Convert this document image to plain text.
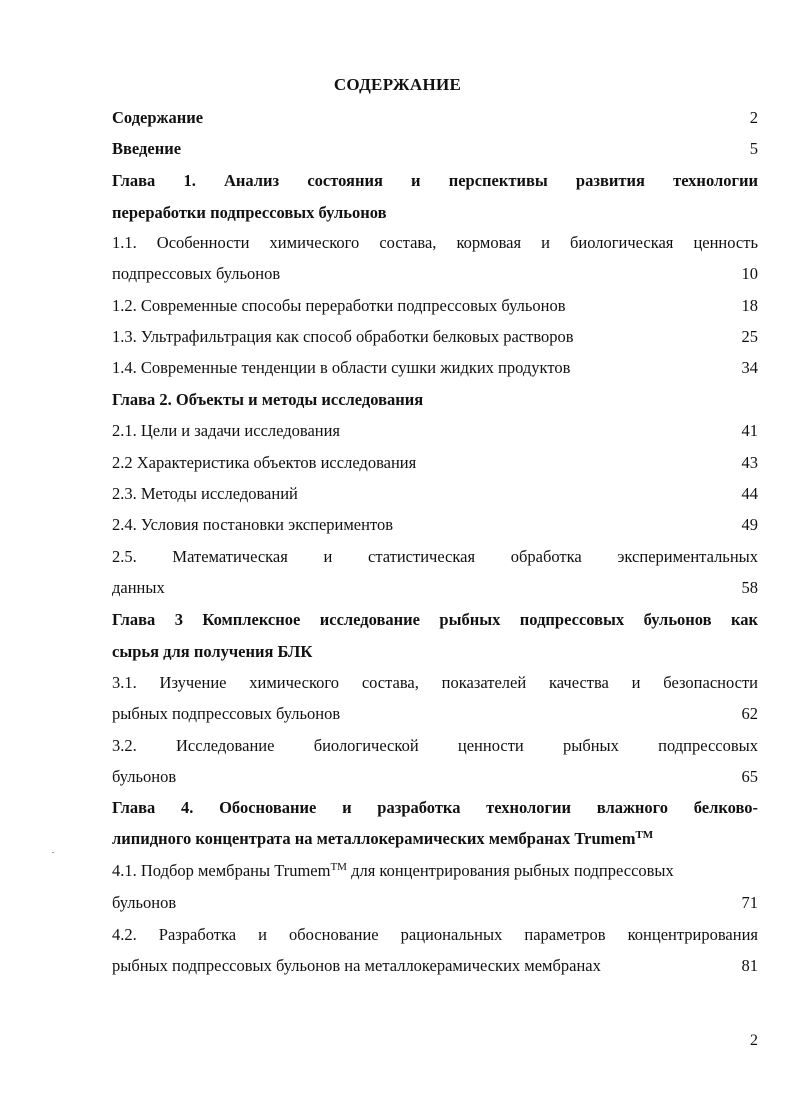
СОДЕРЖАНИЕ
Содержание	2
Введение	5
Глава 1. Анализ состояния и перспективы развития технологии
переработки подпрессовых бульонов
1.1. Особенности химического состава, кормовая и биологическая ценность
подпрессовых бульонов	10
1.2. Современные способы переработки подпрессовых бульонов	18
1.3. Ультрафильтрация как способ обработки белковых растворов	25
1.4. Современные тенденции в области сушки жидких продуктов	34
Глава 2. Объекты и методы исследования
2.1. Цели и задачи исследования	41
2.2 Характеристика объектов исследования	43
2.3. Методы исследований	44
2.4. Условия постановки экспериментов	49
2.5. Математическая и статистическая обработка экспериментальных
данных	58
Глава 3 Комплексное исследование рыбных подпрессовых бульонов как
сырья для получения БЛК
3.1. Изучение химического состава, показателей качества и безопасности
рыбных подпрессовых бульонов	62
3.2. Исследование биологической ценности рыбных подпрессовых
бульонов	65
Глава 4. Обоснование и разработка технологии влажного белково-
липидного концентрата на металлокерамических мембранах Trumem™
4.1. Подбор мембраны Trumem™ для концентрирования рыбных подпрессовых
бульонов	71
4.2. Разработка и обоснование рациональных параметров концентрирования
рыбных подпрессовых бульонов на металлокерамических мембранах	81
2
